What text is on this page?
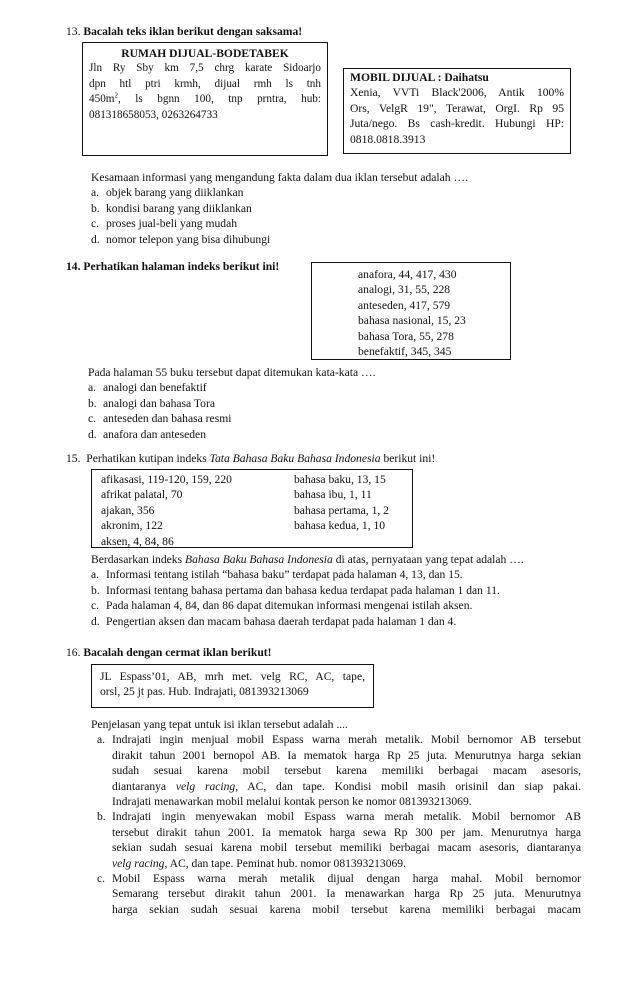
13. Bacalah teks iklan berikut dengan saksama!
RUMAH DIJUAL-BODETABEK
Jln Ry Sby km 7,5 chrg karate Sidoarjo
dpn htl ptri krmh, dijual rmh ls tnh
$450m^2$, ls bgnn 100, tnp prntra, hub:
081318658053, 0263264733
MOBIL DIJUAL : Daihatsu
Xenia, VVTi Black'2006, Antik 100%
Ors, VelgR 19", Terawat, OrgI. Rp 95
Juta/nego. Bs cash-kredit. Hubungi HP:
0818.0818.3913
Kesamaan informasi yang mengandung fakta dalam dua iklan tersebut adalah ….
a. objek barang yang diiklankan
b. kondisi barang yang diiklankan
c. proses jual-beli yang mudah
d. nomor telepon yang bisa dihubungi
14. Perhatikan halaman indeks berikut ini!
anafora, 44, 417, 430
analogi, 31, 55, 228
anteseden, 417, 579
bahasa nasional, 15, 23
bahasa Tora, 55, 278
benefaktif, 345, 345
Pada halaman 55 buku tersebut dapat ditemukan kata-kata ….
a. analogi dan benefaktif
b. analogi dan bahasa Tora
c. anteseden dan bahasa resmi
d. anafora dan anteseden
15. Perhatikan kutipan indeks Tata Bahasa Baku Bahasa Indonesia berikut ini!
afikasasi, 119-120, 159, 220
afrikat palatal, 70
ajakan, 356
akronim, 122
aksen, 4, 84, 86
bahasa baku, 13, 15
bahasa ibu, 1, 11
bahasa pertama, 1, 2
bahasa kedua, 1, 10
Berdasarkan indeks Bahasa Baku Bahasa Indonesia di atas, pernyataan yang tepat adalah ….
a. Informasi tentang istilah “bahasa baku” terdapat pada halaman 4, 13, dan 15.
b. Informasi tentang bahasa pertama dan bahasa kedua terdapat pada halaman 1 dan 11.
c. Pada halaman 4, 84, dan 86 dapat ditemukan informasi mengenai istilah aksen.
d. Pengertian aksen dan macam bahasa daerah terdapat pada halaman 1 dan 4.
16. Bacalah dengan cermat iklan berikut!
JL Espass’01, AB, mrh met. velg RC, AC, tape,
orsl, 25 jt pas. Hub. Indrajati, 081393213069
Penjelasan yang tepat untuk isi iklan tersebut adalah ....
a. Indrajati ingin menjual mobil Espass warna merah metalik. Mobil bernomor AB tersebut
dirakit tahun 2001 bernopol AB. Ia mematok harga Rp 25 juta. Menurutnya harga sekian
sudah sesuai karena mobil tersebut karena memiliki berbagai macam asesoris,
diantaranya velg racing, AC, dan tape. Kondisi mobil masih orisinil dan siap pakai.
Indrajati menawarkan mobil melalui kontak person ke nomor 081393213069.
b. Indrajati ingin menyewakan mobil Espass warna merah metalik. Mobil bernomor AB
tersebut dirakit tahun 2001. Ia mematok harga sewa Rp 300 per jam. Menurutnya harga
sekian sudah sesuai karena mobil tersebut memiliki berbagai macam asesoris, diantaranya
velg racing, AC, dan tape. Peminat hub. nomor 081393213069.
c. Mobil Espass warna merah metalik dijual dengan harga mahal. Mobil bernomor
Semarang tersebut dirakit tahun 2001. Ia menawarkan harga Rp 25 juta. Menurutnya
harga sekian sudah sesuai karena mobil tersebut karena memiliki berbagai macam
